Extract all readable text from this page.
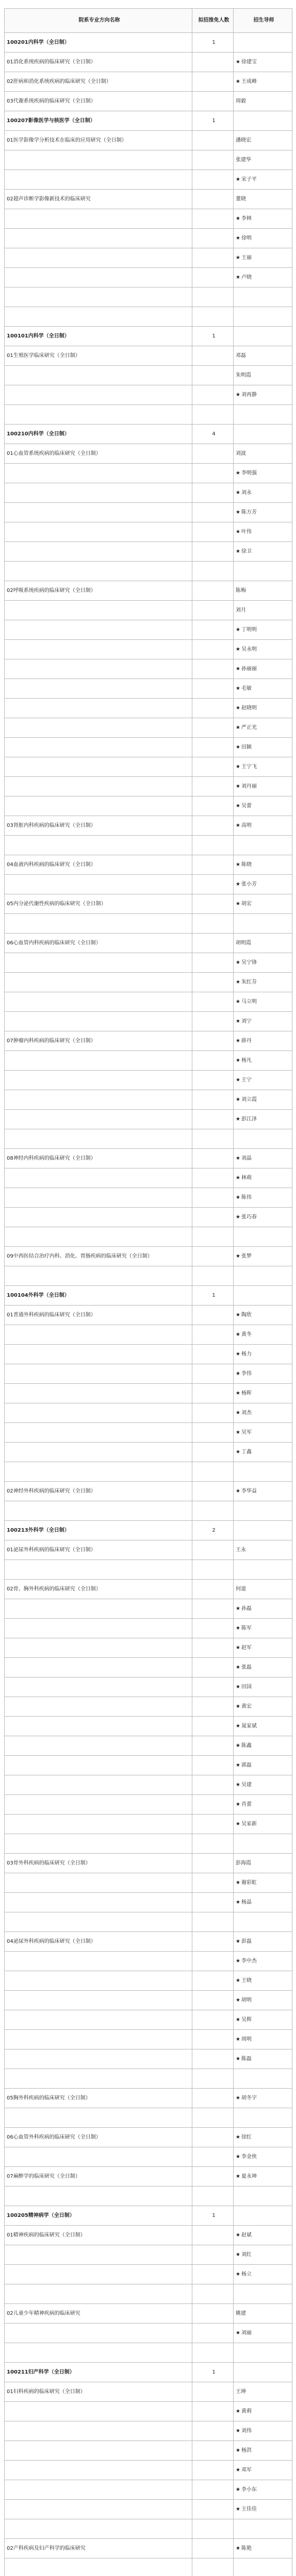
院系专业方向名称	拟招推免人数	招生导师
100201内科学（全日制）	1	
01消化系统疾病的临床研究（全日制）		★ 徐建宝
02肝病和消化系统疾病的临床研究（全日制）		★ 王成峰
03代谢系统疾病的临床研究（全日制）		周毅
100207影像医学与核医学（全日制）	1	
01医学影像学分析技术在临床的应用研究（全日制）		潘晓宏
		张建华
		★ 宋子平
02超声诊断学影像新技术的临床研究		董晓
		★ 李林
		★ 徐明
		★ 王丽
		★ 卢晓

100101内科学（全日制）	1	
01生殖医学临床研究（全日制）		邓磊
		朱明霞
		★ 刘再静

100210内科学（全日制）	4	
01心血管系统疾病的临床研究（全日制）		刘波
		★ 李明强
		★ 刘永
		★ 陈方芳
		★ 叶伟
		★ 徐卫

02呼吸系统疾病的临床研究（全日制）		陈梅
		刘月
		★ 丁明明
		★ 吴永明
		★ 孙丽丽
		★ 毛敏
		★ 赵晓明
		★ 严正光
		★ 田颖
		★ 王宁飞
		★ 刘丹丽
		★ 吴蕾
03肾脏内科疾病的临床研究（全日制）		★ 高明

04血液内科疾病的临床研究（全日制）		★ 陈晓
		★ 张小芳
05内分泌代谢性疾病的临床研究（全日制）		★ 胡宏

06心血管内科疾病的临床研究（全日制）		胡明霞
		★ 吴宁锋
		★ 朱红芬
		★ 马立明
		★ 刘宁
07肿瘤内科疾病的临床研究（全日制）		★ 薛丹
		★ 杨凡
		★ 王宁
		★ 刘立霞
		★ 彭江泽

08神经内科疾病的临床研究（全日制）		★ 刘晶
		★ 林萌
		★ 陈伟
		★ 张巧春

09中西医结合治疗内科、消化、胃肠疾病的临床研究（全日制）		★ 张梦

100104外科学（全日制）	1	
01普通外科疾病的临床研究（全日制）		★ 陶欣
		★ 黄冬
		★ 杨力
		★ 李伟
		★ 杨晖
		★ 刘杰
		★ 吴军
		★ 丁鑫

02神经外科疾病的临床研究（全日制）		★ 李华益

100213外科学（全日制）	2	
01泌尿外科疾病的临床研究（全日制）		王永

02骨、胸外科疾病的临床研究（全日制）		何道
		★ 孙磊
		★ 陈军
		★ 赵军
		★ 张磊
		★ 田国
		★ 黄宏
		★ 晁家斌
		★ 陈鑫
		★ 郭磊
		★ 吴建
		★ 肖蕾
		★ 吴家新

03骨外科疾病的临床研究（全日制）		彭海霞
		★ 谢彩虹
		★ 杨晶

04泌尿外科疾病的临床研究（全日制）		★ 彭磊
		★ 李中杰
		★ 王晓
		★ 胡明
		★ 吴辉
		★ 周明
		★ 陈磊

05胸外科疾病的临床研究（全日制）		★ 胡冬宇

06心血管外科疾病的临床研究（全日制）		★ 徐红
		★ 李金侠
07麻醉学的临床研究（全日制）		★ 夏永坤

100205精神病学（全日制）	1	
01精神疾病的临床研究（全日制）		★ 赵斌
		★ 刘红
		★ 杨立

02儿童少年精神疾病的临床研究		姚建
		★ 刘丽

100211妇产科学（全日制）	1	
01妇科疾病的临床研究（全日制）		王坤
		★ 黄莉
		★ 刘伟
		★ 杨洪
		★ 邓军
		★ 李小东
		★ 王佳佳

02产科疾病及妇产科学的临床研究		★ 陈艳
